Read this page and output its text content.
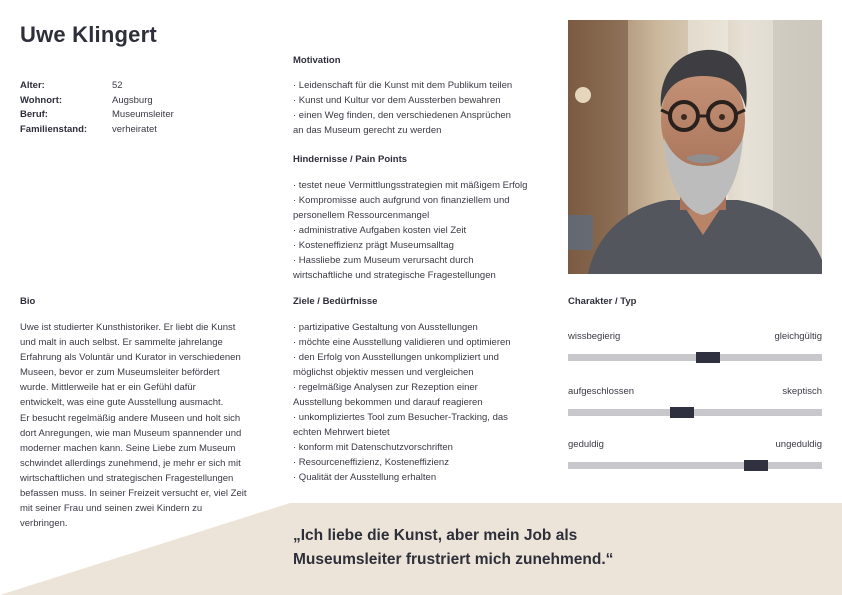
Uwe Klingert
Alter:	52
Wohnort:	Augsburg
Beruf:	Museumsleiter
Familienstand:	verheiratet
Motivation
· Leidenschaft für die Kunst mit dem Publikum teilen
· Kunst und Kultur vor dem Aussterben bewahren
· einen Weg finden, den verschiedenen Ansprüchen
an das Museum gerecht zu werden
Hindernisse / Pain Points
· testet neue Vermittlungsstrategien mit mäßigem Erfolg
· Kompromisse auch aufgrund von finanziellem und
personellem Ressourcenmangel
· administrative Aufgaben kosten viel Zeit
· Kosteneffizienz prägt Museumsalltag
· Hassliebe zum Museum verursacht durch
wirtschaftliche und strategische Fragestellungen
Bio
Uwe ist studierter Kunsthistoriker. Er liebt die Kunst
und malt in auch selbst. Er sammelte jahrelange
Erfahrung als Voluntär und Kurator in verschiedenen
Museen, bevor er zum Museumsleiter befördert
wurde. Mittlerweile hat er ein Gefühl dafür
entwickelt, was eine gute Ausstellung ausmacht.
Er besucht regelmäßig andere Museen und holt sich
dort Anregungen, wie man Museum spannender und
moderner machen kann. Seine Liebe zum Museum
schwindet allerdings zunehmend, je mehr er sich mit
wirtschaftlichen und strategischen Fragestellungen
befassen muss. In seiner Freizeit versucht er, viel Zeit
mit seiner Frau und seinen zwei Kindern zu
verbringen.
Ziele / Bedürfnisse
· partizipative Gestaltung von Ausstellungen
· möchte eine Ausstellung validieren und optimieren
· den Erfolg von Ausstellungen unkompliziert und
möglichst objektiv messen und vergleichen
· regelmäßige Analysen zur Rezeption einer
Ausstellung bekommen und darauf reagieren
· unkompliziertes Tool zum Besucher-Tracking, das
echten Mehrwert bietet
· konform mit Datenschutzvorschriften
· Resourceneffizienz, Kosteneffizienz
· Qualität der Ausstellung erhalten
Charakter / Typ
wissbegierig	gleichgültig
aufgeschlossen	skeptisch
geduldig	ungeduldig
„Ich liebe die Kunst, aber mein Job als
Museumsleiter frustriert mich zunehmend.“
